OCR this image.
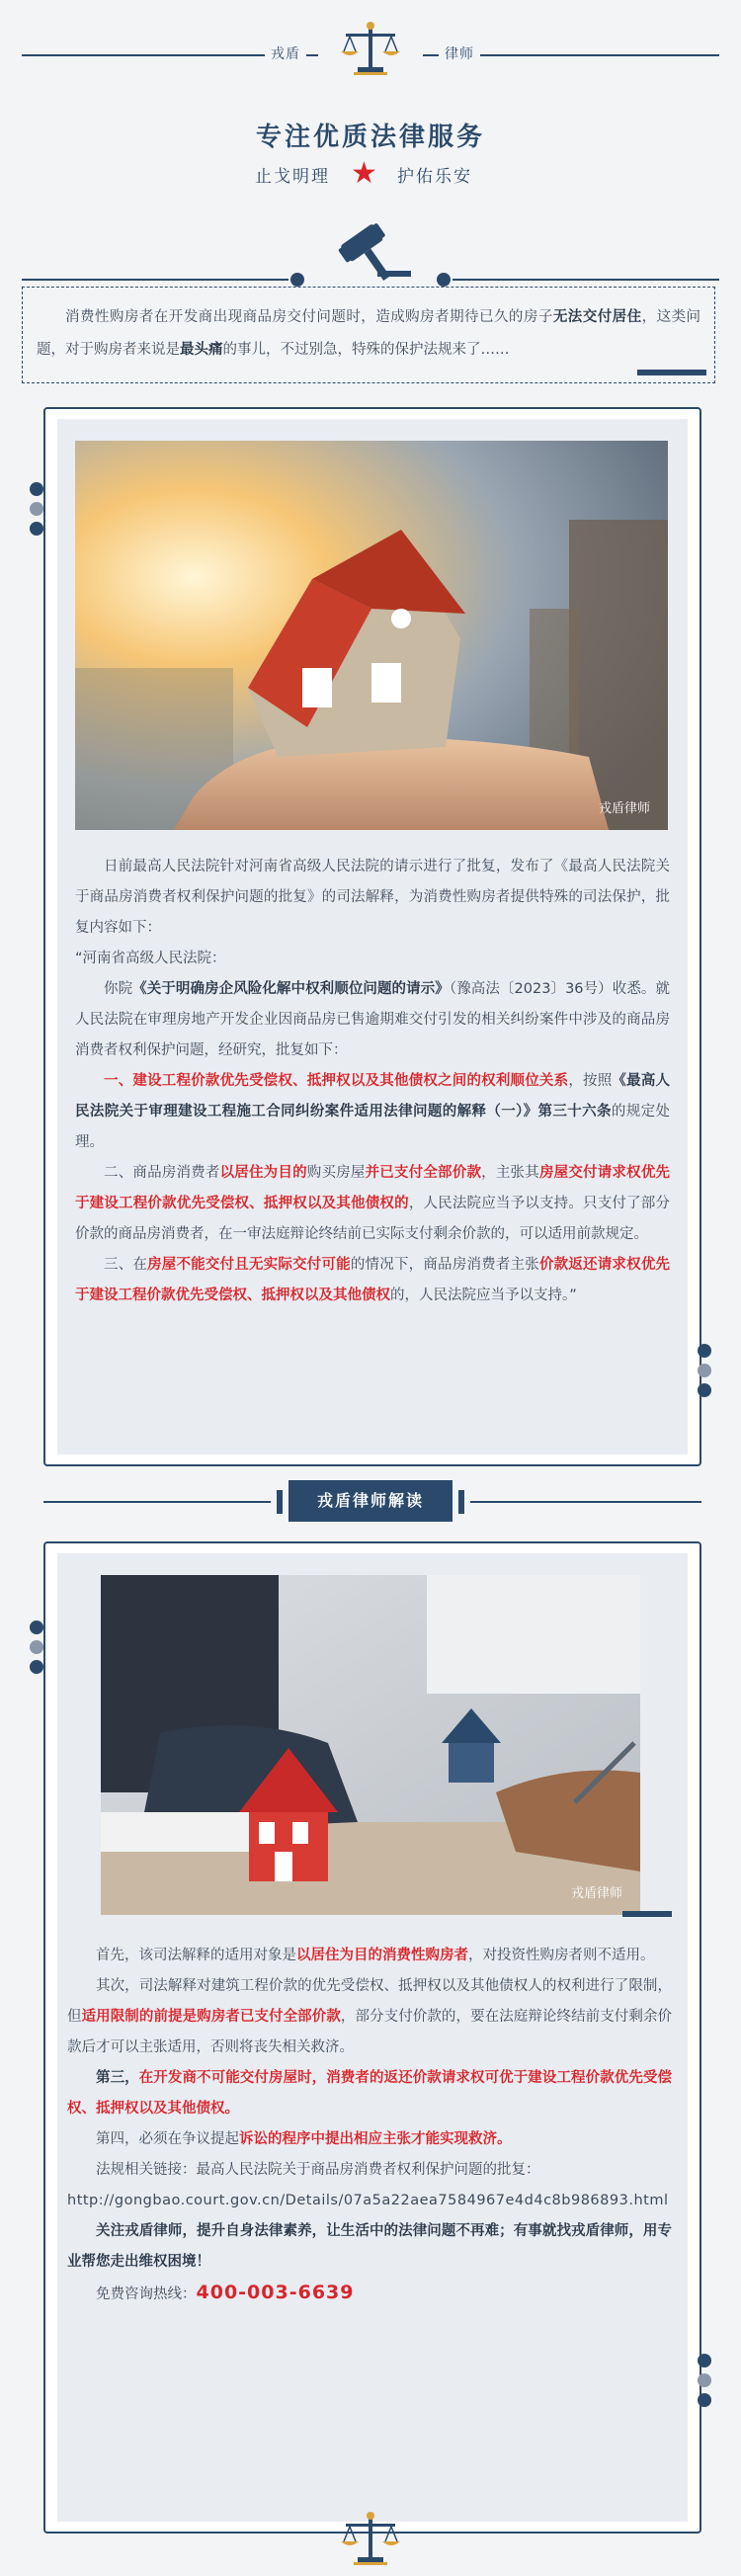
戎盾	律师
专注优质法律服务
止戈明理 ★ 护佑乐安
消费性购房者在开发商出现商品房交付问题时，造成购房者期待已久的房子无法交付居住，这类问题，对于购房者来说是最头痛的事儿，不过别急，特殊的保护法规来了……
戎盾律师

日前最高人民法院针对河南省高级人民法院的请示进行了批复，发布了《最高人民法院关于商品房消费者权利保护问题的批复》的司法解释，为消费性购房者提供特殊的司法保护，批复内容如下：

“河南省高级人民法院：

你院《关于明确房企风险化解中权利顺位问题的请示》（豫高法〔2023〕36号）收悉。就人民法院在审理房地产开发企业因商品房已售逾期难交付引发的相关纠纷案件中涉及的商品房消费者权利保护问题，经研究，批复如下：

一、建设工程价款优先受偿权、抵押权以及其他债权之间的权利顺位关系，按照《最高人民法院关于审理建设工程施工合同纠纷案件适用法律问题的解释（一）》第三十六条的规定处理。

二、商品房消费者以居住为目的购买房屋并已支付全部价款，主张其房屋交付请求权优先于建设工程价款优先受偿权、抵押权以及其他债权的，人民法院应当予以支持。只支付了部分价款的商品房消费者，在一审法庭辩论终结前已实际支付剩余价款的，可以适用前款规定。

三、在房屋不能交付且无实际交付可能的情况下，商品房消费者主张价款返还请求权优先于建设工程价款优先受偿权、抵押权以及其他债权的，人民法院应当予以支持。”

戎盾律师解读
戎盾律师

首先，该司法解释的适用对象是以居住为目的消费性购房者，对投资性购房者则不适用。

其次，司法解释对建筑工程价款的优先受偿权、抵押权以及其他债权人的权利进行了限制，但适用限制的前提是购房者已支付全部价款，部分支付价款的，要在法庭辩论终结前支付剩余价款后才可以主张适用，否则将丧失相关救济。

第三，在开发商不可能交付房屋时，消费者的返还价款请求权可优于建设工程价款优先受偿权、抵押权以及其他债权。

第四，必须在争议提起诉讼的程序中提出相应主张才能实现救济。

法规相关链接：最高人民法院关于商品房消费者权利保护问题的批复：

http://gongbao.court.gov.cn/Details/07a5a22aea7584967e4d4c8b986893.html

关注戎盾律师，提升自身法律素养，让生活中的法律问题不再难；有事就找戎盾律师，用专业帮您走出维权困境！

免费咨询热线：400-003-6639
